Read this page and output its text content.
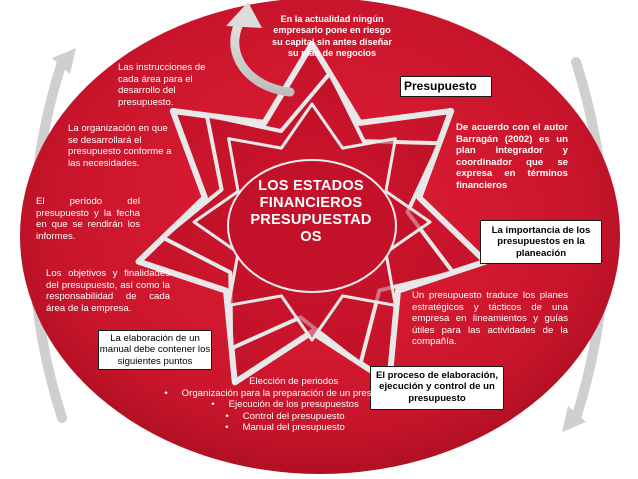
En la actualidad ningún empresario pone en riesgo su capital sin antes diseñar su plan de negocios

Presupuesto

Las instrucciones de cada área para el desarrollo del presupuesto.

La organización en que se desarrollará el presupuesto conforme a las necesidades.

El período del presupuesto y la fecha en que se rendirán los informes.

Los objetivos y finalidades del presupuesto, así como la responsabilidad de cada área de la empresa.

La elaboración de un manual debe contener los siguientes puntos
LOS ESTADOS FINANCIEROS PRESUPUESTAD OS

De acuerdo con el autor Barragán (2002) es un plan integrador y coordinador que se expresa en términos financieros

La importancia de los presupuestos en la planeación

Un presupuesto traduce los planes estratégicos y tácticos de una empresa en lineamientos y guías útiles para las actividades de la compañía.

El proceso de elaboración, ejecución y control de un presupuesto
• Elección de periodos
• Organización para la preparación de un presupuesto
• Ejecución de los presupuestos
• Control del presupuesto
• Manual del presupuesto
